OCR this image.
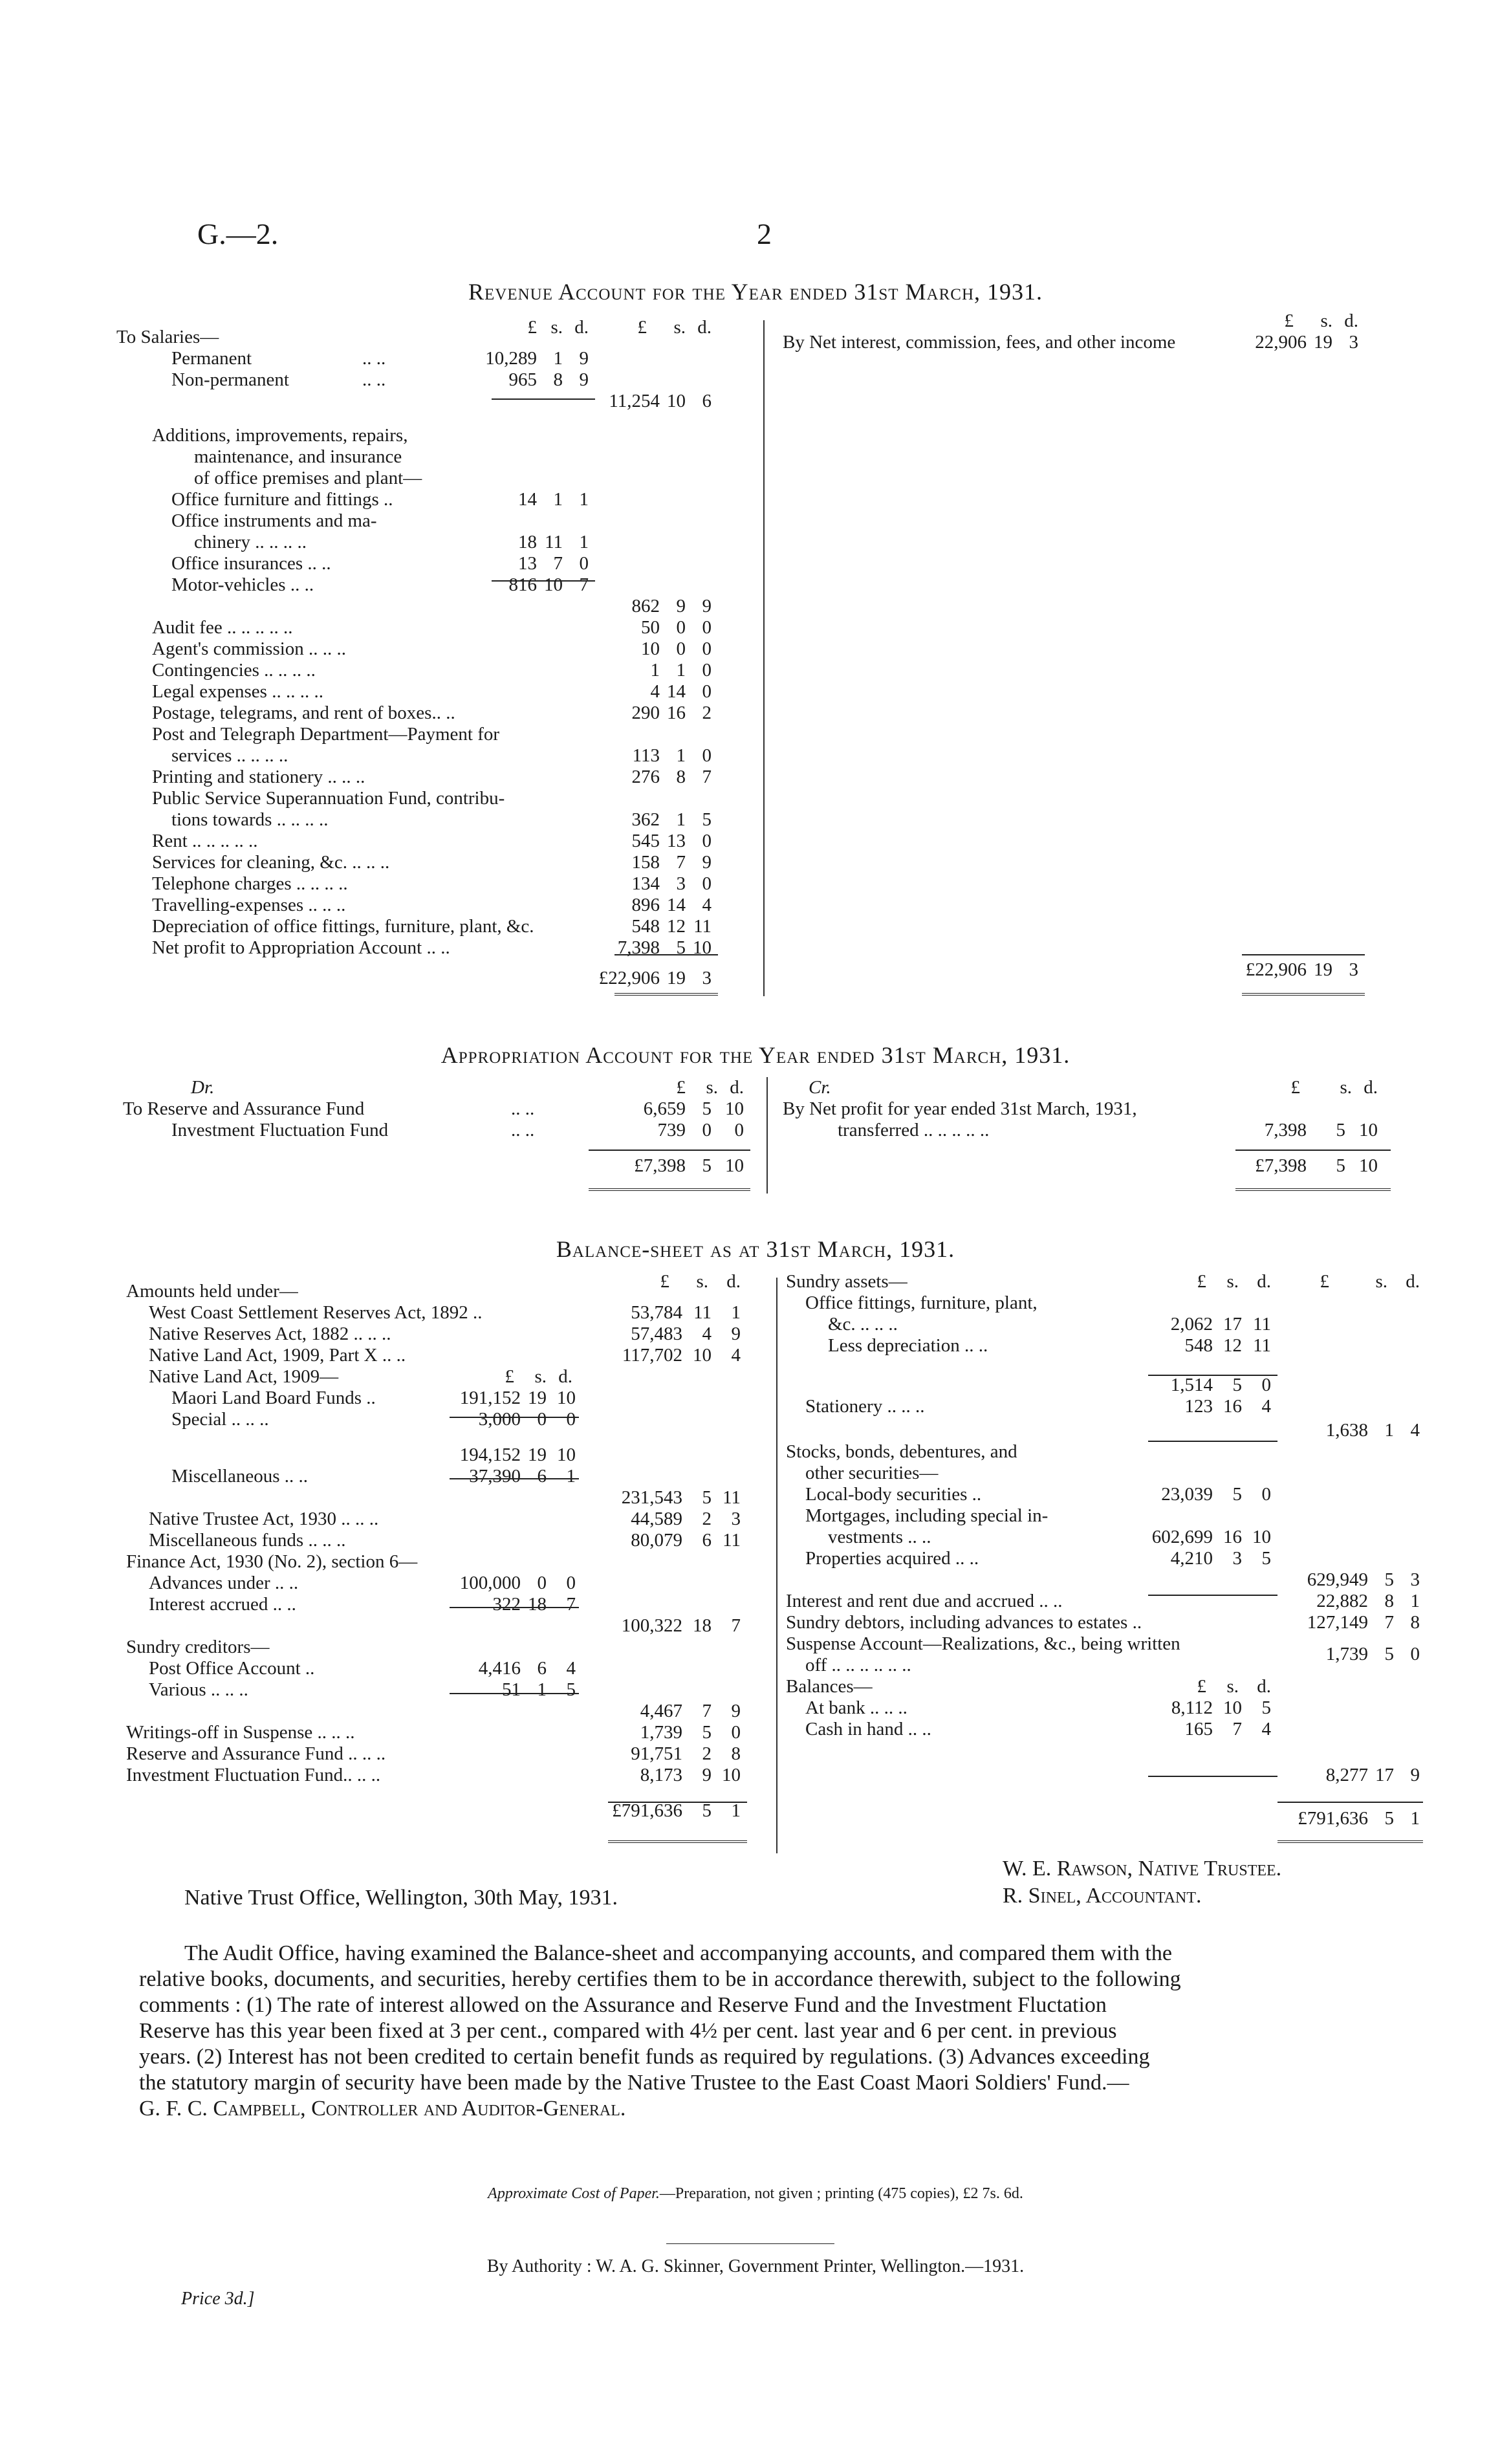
G.—2.	2
Revenue Account for the Year ended 31st March, 1931.
£ s. d.	£	s. d.
To Salaries—
Permanent	.. ..	10,289 1 9
Non-permanent	.. ..	965 8 9
11,254 10 6
Additions, improvements, repairs,
maintenance, and insurance
of office premises and plant—
Office furniture and fittings ..	14 1 1
Office instruments and ma-
chinery .. .. .. ..	18 11 1
Office insurances .. ..	13 7 0
Motor-vehicles .. ..	816 10 7
862 9 9
Audit fee .. .. .. .. ..	50 0 0
Agent's commission .. .. ..	10 0 0
Contingencies .. .. .. ..	1 1 0
Legal expenses .. .. .. ..	4 14 0
Postage, telegrams, and rent of boxes.. ..	290 16 2
Post and Telegraph Department—Payment for
services .. .. .. ..	113 1 0
Printing and stationery .. .. ..	276 8 7
Public Service Superannuation Fund, contribu-
tions towards .. .. .. ..	362 1 5
Rent .. .. .. .. ..	545 13 0
Services for cleaning, &c. .. .. ..	158 7 9
Telephone charges .. .. .. ..	134 3 0
Travelling-expenses .. .. ..	896 14 4
Depreciation of office fittings, furniture, plant, &c.	548 12 11
Net profit to Appropriation Account .. ..	7,398 5 10
£22,906 19 3
£	s. d.
By Net interest, commission, fees, and other income	22,906 19 3
£22,906 19 3
Appropriation Account for the Year ended 31st March, 1931.
Dr.	£	s. d.
To Reserve and Assurance Fund	.. ..	6,659 5 10
Investment Fluctuation Fund	.. ..	739 0	0
£7,398 5 10
Cr.	£	s. d.
By Net profit for year ended 31st March, 1931,
transferred .. .. .. .. ..	7,398	5 10
£7,398	5 10
Balance-sheet as at 31st March, 1931.
£	s. d.
Amounts held under—
West Coast Settlement Reserves Act, 1892 ..	53,784 11	1
Native Reserves Act, 1882 .. .. ..	57,483	4	9
Native Land Act, 1909, Part X .. ..	117,702 10	4
Native Land Act, 1909—	£	s. d.
Maori Land Board Funds ..	191,152 19 10
Special .. .. ..	3,000 0	0
194,152 19 10
Miscellaneous .. ..	37,390 6	1
231,543	5 11
Native Trustee Act, 1930 .. .. ..	44,589	2	3
Miscellaneous funds .. .. ..	80,079	6 11
Finance Act, 1930 (No. 2), section 6—
Advances under .. ..	100,000 0	0
Interest accrued .. ..	322 18	7
100,322 18	7
Sundry creditors—
Post Office Account ..	4,416 6	4
Various .. .. ..	51 1	5
4,467	7	9
Writings-off in Suspense .. .. ..	1,739	5	0
Reserve and Assurance Fund .. .. ..	91,751	2	8
Investment Fluctuation Fund.. .. ..	8,173	9 10
£791,636	5	1
Sundry assets—	£	s. d.	£	s. d.
Office fittings, furniture, plant,
&c. .. .. ..	2,062 17 11
Less depreciation .. ..	548 12 11
1,514	5	0
Stationery .. .. ..	123 16	4
1,638 1 4
Stocks, bonds, debentures, and
other securities—
Local-body securities ..	23,039	5	0
Mortgages, including special in-
vestments .. ..	602,699 16 10
Properties acquired .. ..	4,210	3	5
629,949 5 3
Interest and rent due and accrued .. ..	22,882 8 1
Sundry debtors, including advances to estates ..	127,149 7 8
Suspense Account—Realizations, &c., being written
off .. .. .. .. .. ..
1,739 5 0
Balances—	£	s. d.
At bank .. .. ..	8,112 10	5
Cash in hand .. ..	165	7	4
8,277 17 9
£791,636 5 1
Native Trust Office, Wellington, 30th May, 1931.
W. E. Rawson, Native Trustee.
R. Sinel, Accountant.
The Audit Office, having examined the Balance-sheet and accompanying accounts, and compared them with the
relative books, documents, and securities, hereby certifies them to be in accordance therewith, subject to the following
comments : (1) The rate of interest allowed on the Assurance and Reserve Fund and the Investment Fluctation
Reserve has this year been fixed at 3 per cent., compared with 4½ per cent. last year and 6 per cent. in previous
years. (2) Interest has not been credited to certain benefit funds as required by regulations. (3) Advances exceeding
the statutory margin of security have been made by the Native Trustee to the East Coast Maori Soldiers' Fund.—
G. F. C. Campbell, Controller and Auditor-General.
Approximate Cost of Paper.—Preparation, not given ; printing (475 copies), £2 7s. 6d.
By Authority : W. A. G. Skinner, Government Printer, Wellington.—1931.
Price 3d.]
